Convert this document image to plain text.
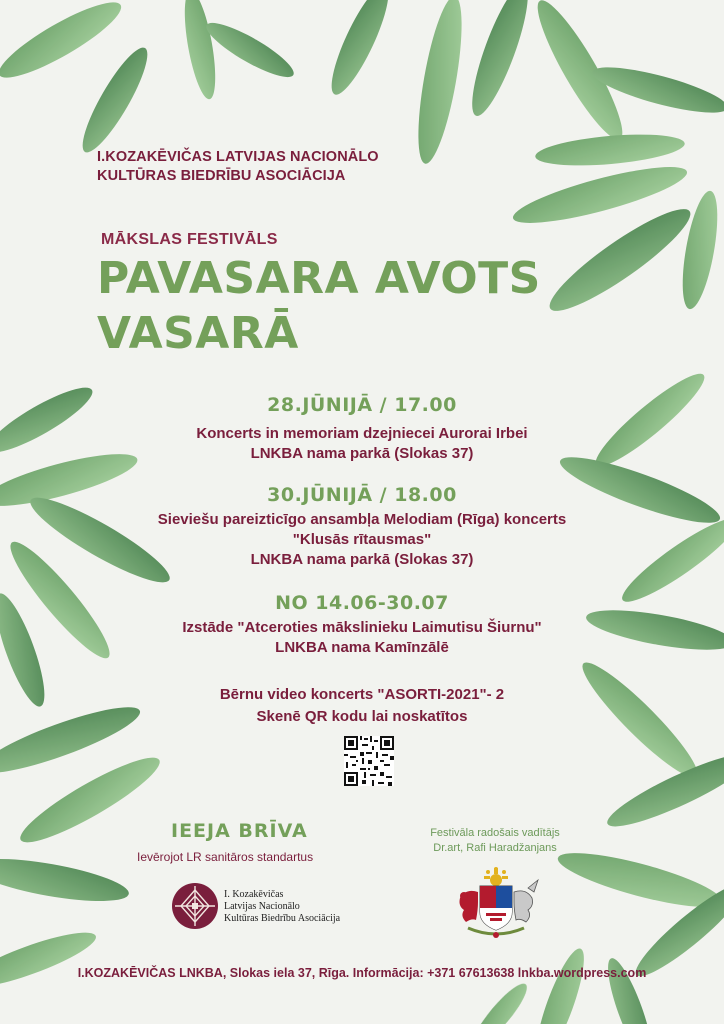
I.KOZAKĒVIČAS LATVIJAS NACIONĀLO
KULTŪRAS BIEDRĪBU ASOCIĀCIJA
MĀKSLAS FESTIVĀLS
PAVASARA AVOTS
VASARĀ
28.JŪNIJĀ / 17.00
Koncerts in memoriam dzejniecei Aurorai Irbei
LNKBA nama parkā (Slokas 37)
30.JŪNIJĀ / 18.00
Sieviešu pareizticīgo ansambļa Melodiam (Rīga) koncerts
"Klusās rītausmas"
LNKBA nama parkā (Slokas 37)
NO 14.06-30.07
Izstāde "Atceroties mākslinieku Laimutisu Šiurnu"
LNKBA nama Kamīnzālē
Bērnu video koncerts "ASORTI-2021"- 2
Skenē QR kodu lai noskatītos
IEEJA BRĪVA
Ievērojot LR sanitāros standartus
Festivāla radošais vadītājs
Dr.art, Rafi Haradžanjans
I. Kozakēvičas
Latvijas Nacionālo
Kultūras Biedrību Asociācija
I.KOZAKĒVIČAS LNKBA, Slokas iela 37, Rīga. Informācija: +371 67613638 lnkba.wordpress.com
